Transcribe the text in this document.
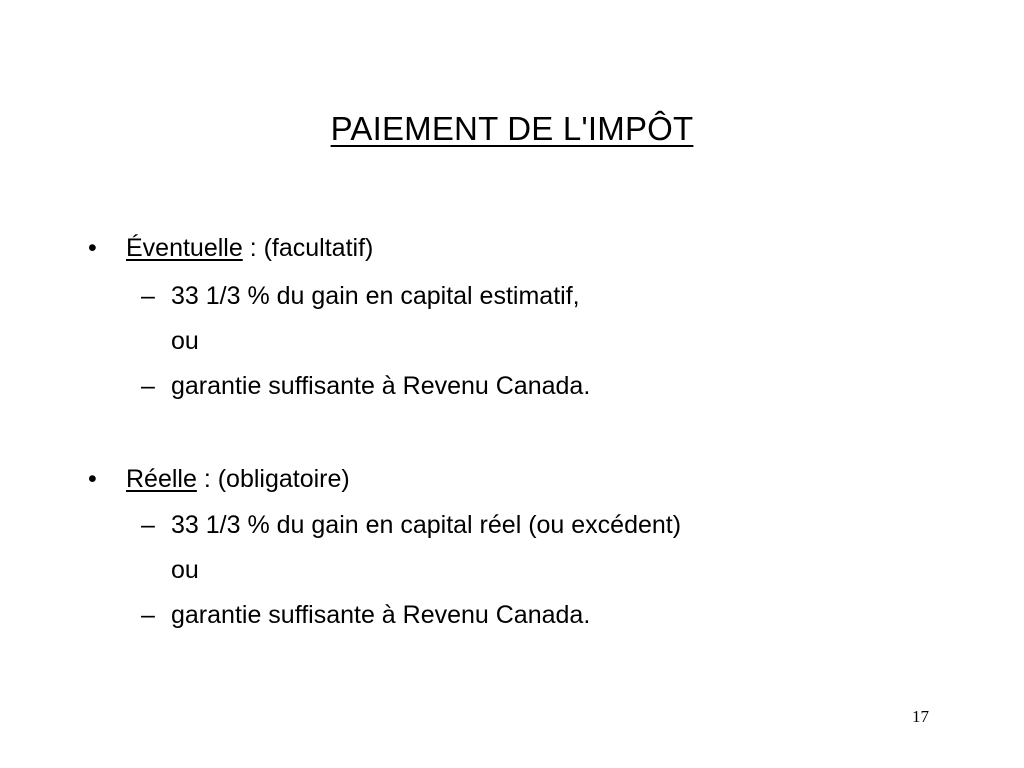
PAIEMENT DE L'IMPÔT
• Éventuelle : (facultatif)
– 33 1/3 % du gain en capital estimatif,
ou
– garantie suffisante à Revenu Canada.
• Réelle : (obligatoire)
– 33 1/3 % du gain en capital réel (ou excédent)
ou
– garantie suffisante à Revenu Canada.
17
